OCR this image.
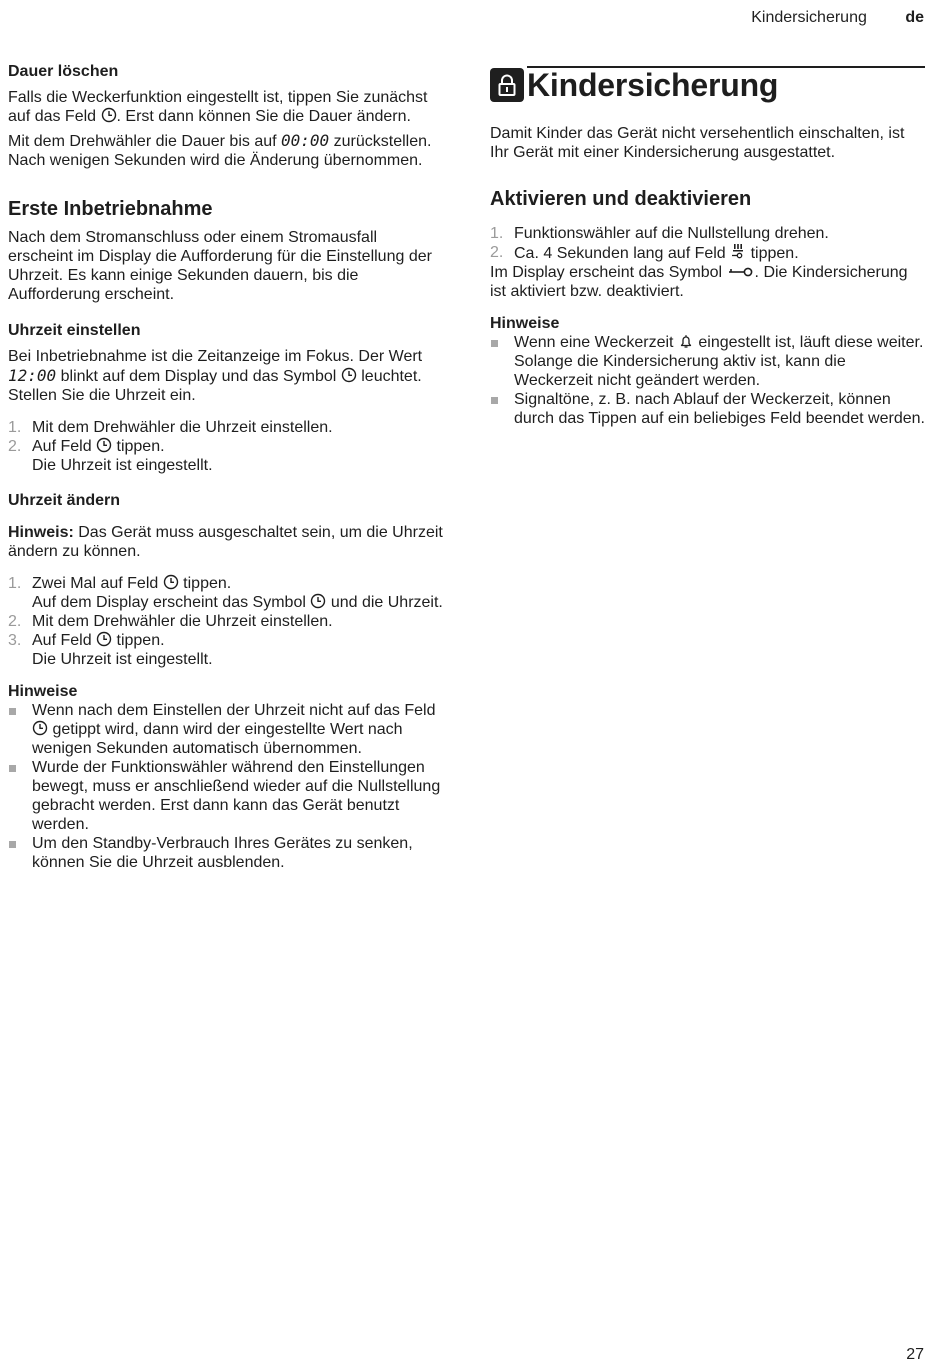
Kindersicherung de
Dauer löschen

Falls die Weckerfunktion eingestellt ist, tippen Sie zunächst auf das Feld . Erst dann können Sie die Dauer ändern.

Mit dem Drehwähler die Dauer bis auf 00:00 zurückstellen. Nach wenigen Sekunden wird die Änderung übernommen.

Erste Inbetriebnahme

Nach dem Stromanschluss oder einem Stromausfall erscheint im Display die Aufforderung für die Einstellung der Uhrzeit. Es kann einige Sekunden dauern, bis die Aufforderung erscheint.

Uhrzeit einstellen

Bei Inbetriebnahme ist die Zeitanzeige im Fokus. Der Wert 12:00 blinkt auf dem Display und das Symbol leuchtet. Stellen Sie die Uhrzeit ein.

1. Mit dem Drehwähler die Uhrzeit einstellen.
2. Auf Feld tippen.
Die Uhrzeit ist eingestellt.
Uhrzeit ändern

Hinweis: Das Gerät muss ausgeschaltet sein, um die Uhrzeit ändern zu können.

1. Zwei Mal auf Feld tippen.
Auf dem Display erscheint das Symbol und die Uhrzeit.
2. Mit dem Drehwähler die Uhrzeit einstellen.
3. Auf Feld tippen.
Die Uhrzeit ist eingestellt.
Hinweise
Wenn nach dem Einstellen der Uhrzeit nicht auf das Feld  getippt wird, dann wird der eingestellte Wert nach wenigen Sekunden automatisch übernommen.
Wurde der Funktionswähler während den Einstellungen bewegt, muss er anschließend wieder auf die Nullstellung gebracht werden. Erst dann kann das Gerät benutzt werden.
Um den Standby-Verbrauch Ihres Gerätes zu senken, können Sie die Uhrzeit ausblenden.
Kindersicherung

Damit Kinder das Gerät nicht versehentlich einschalten, ist Ihr Gerät mit einer Kindersicherung ausgestattet.

Aktivieren und deaktivieren
1. Funktionswähler auf die Nullstellung drehen.
2. Ca. 4 Sekunden lang auf Feld tippen.

Im Display erscheint das Symbol . Die Kindersicherung ist aktiviert bzw. deaktiviert.

Hinweise
Wenn eine Weckerzeit eingestellt ist, läuft diese weiter. Solange die Kindersicherung aktiv ist, kann die Weckerzeit nicht geändert werden.
Signaltöne, z. B. nach Ablauf der Weckerzeit, können durch das Tippen auf ein beliebiges Feld beendet werden.
27
